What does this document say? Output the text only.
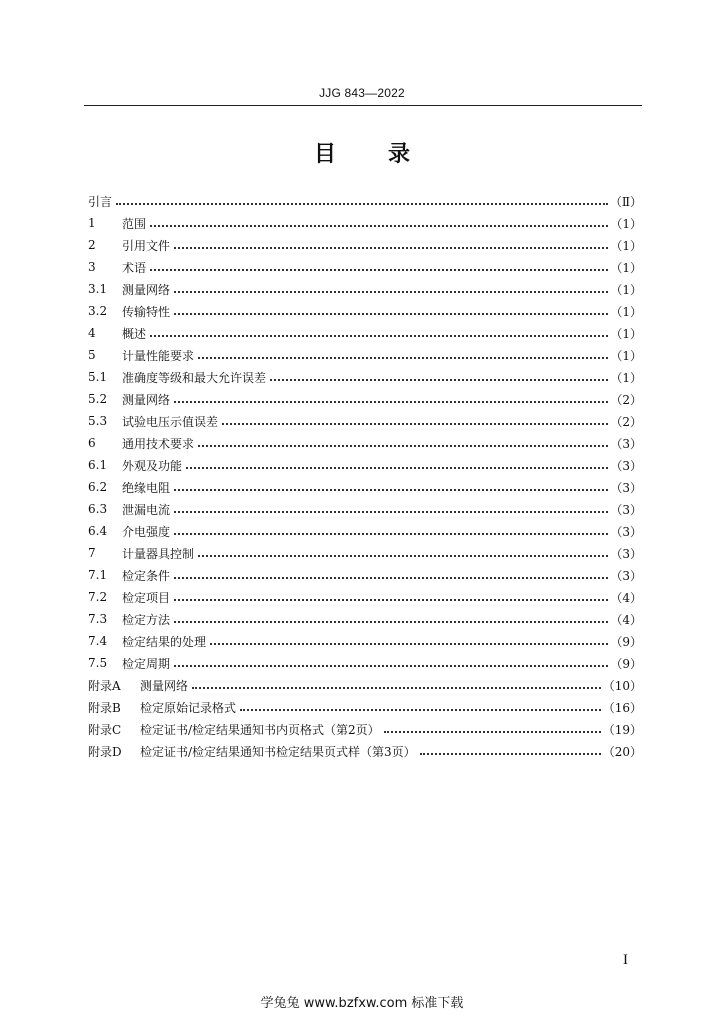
JJG 843—2022
目 录
引言	（Ⅱ）
1	范围	（1）
2	引用文件	（1）
3	术语	（1）
3.1	测量网络	（1）
3.2	传输特性	（1）
4	概述	（1）
5	计量性能要求	（1）
5.1	准确度等级和最大允许误差	（1）
5.2	测量网络	（2）
5.3	试验电压示值误差	（2）
6	通用技术要求	（3）
6.1	外观及功能	（3）
6.2	绝缘电阻	（3）
6.3	泄漏电流	（3）
6.4	介电强度	（3）
7	计量器具控制	（3）
7.1	检定条件	（3）
7.2	检定项目	（4）
7.3	检定方法	（4）
7.4	检定结果的处理	（9）
7.5	检定周期	（9）
附录A	测量网络	（10）
附录B	检定原始记录格式	（16）
附录C	检定证书/检定结果通知书内页格式（第2页）	（19）
附录D	检定证书/检定结果通知书检定结果页式样（第3页）	（20）
I
学兔兔 www.bzfxw.com 标准下载
